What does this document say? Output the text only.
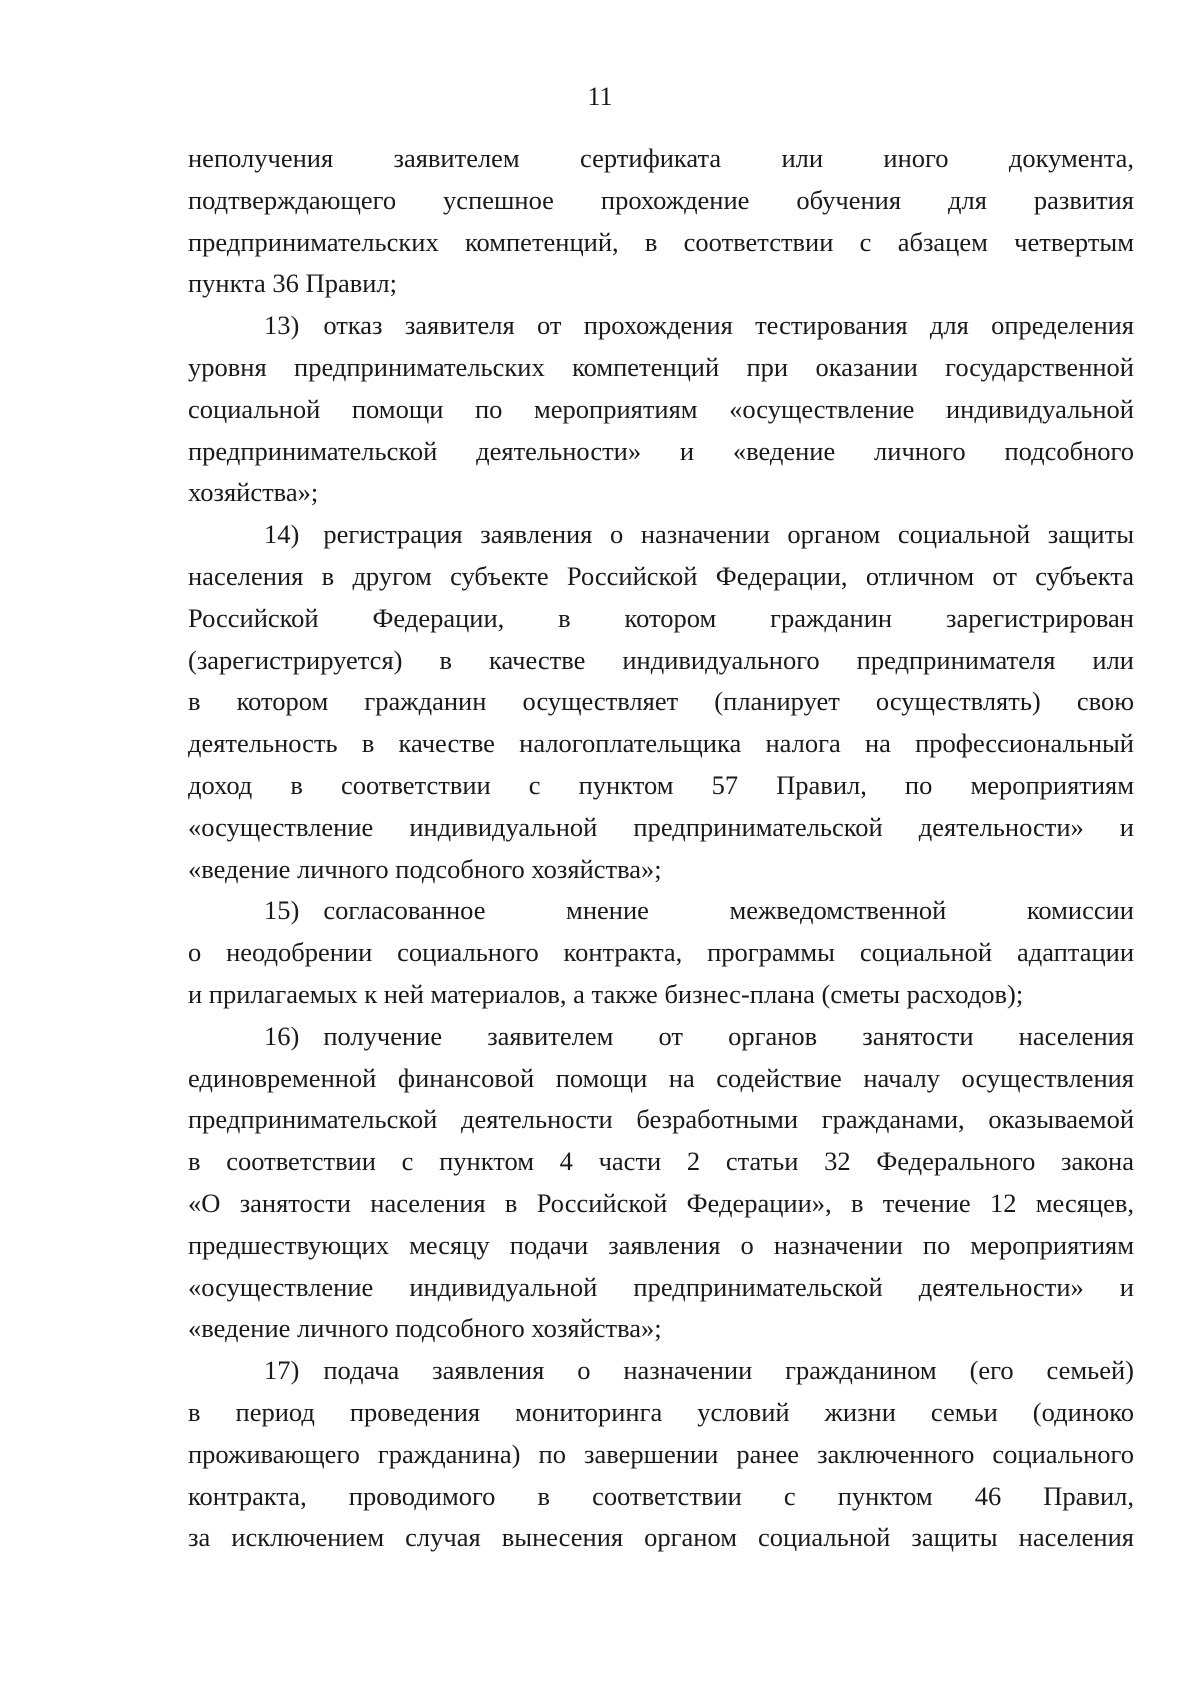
11
неполучения заявителем сертификата или иного документа,
подтверждающего успешное прохождение обучения для развития
предпринимательских компетенций, в соответствии с абзацем четвертым
пункта 36 Правил;
13) отказ заявителя от прохождения тестирования для определения
уровня предпринимательских компетенций при оказании государственной
социальной помощи по мероприятиям «осуществление индивидуальной
предпринимательской деятельности» и «ведение личного подсобного
хозяйства»;
14) регистрация заявления о назначении органом социальной защиты
населения в другом субъекте Российской Федерации, отличном от субъекта
Российской Федерации, в котором гражданин зарегистрирован
(зарегистрируется) в качестве индивидуального предпринимателя или
в котором гражданин осуществляет (планирует осуществлять) свою
деятельность в качестве налогоплательщика налога на профессиональный
доход в соответствии с пунктом 57 Правил, по мероприятиям
«осуществление индивидуальной предпринимательской деятельности» и
«ведение личного подсобного хозяйства»;
15) согласованное мнение межведомственной комиссии
о неодобрении социального контракта, программы социальной адаптации
и прилагаемых к ней материалов, а также бизнес-плана (сметы расходов);
16) получение заявителем от органов занятости населения
единовременной финансовой помощи на содействие началу осуществления
предпринимательской деятельности безработными гражданами, оказываемой
в соответствии с пунктом 4 части 2 статьи 32 Федерального закона
«О занятости населения в Российской Федерации», в течение 12 месяцев,
предшествующих месяцу подачи заявления о назначении по мероприятиям
«осуществление индивидуальной предпринимательской деятельности» и
«ведение личного подсобного хозяйства»;
17) подача заявления о назначении гражданином (его семьей)
в период проведения мониторинга условий жизни семьи (одиноко
проживающего гражданина) по завершении ранее заключенного социального
контракта, проводимого в соответствии с пунктом 46 Правил,
за исключением случая вынесения органом социальной защиты населения
